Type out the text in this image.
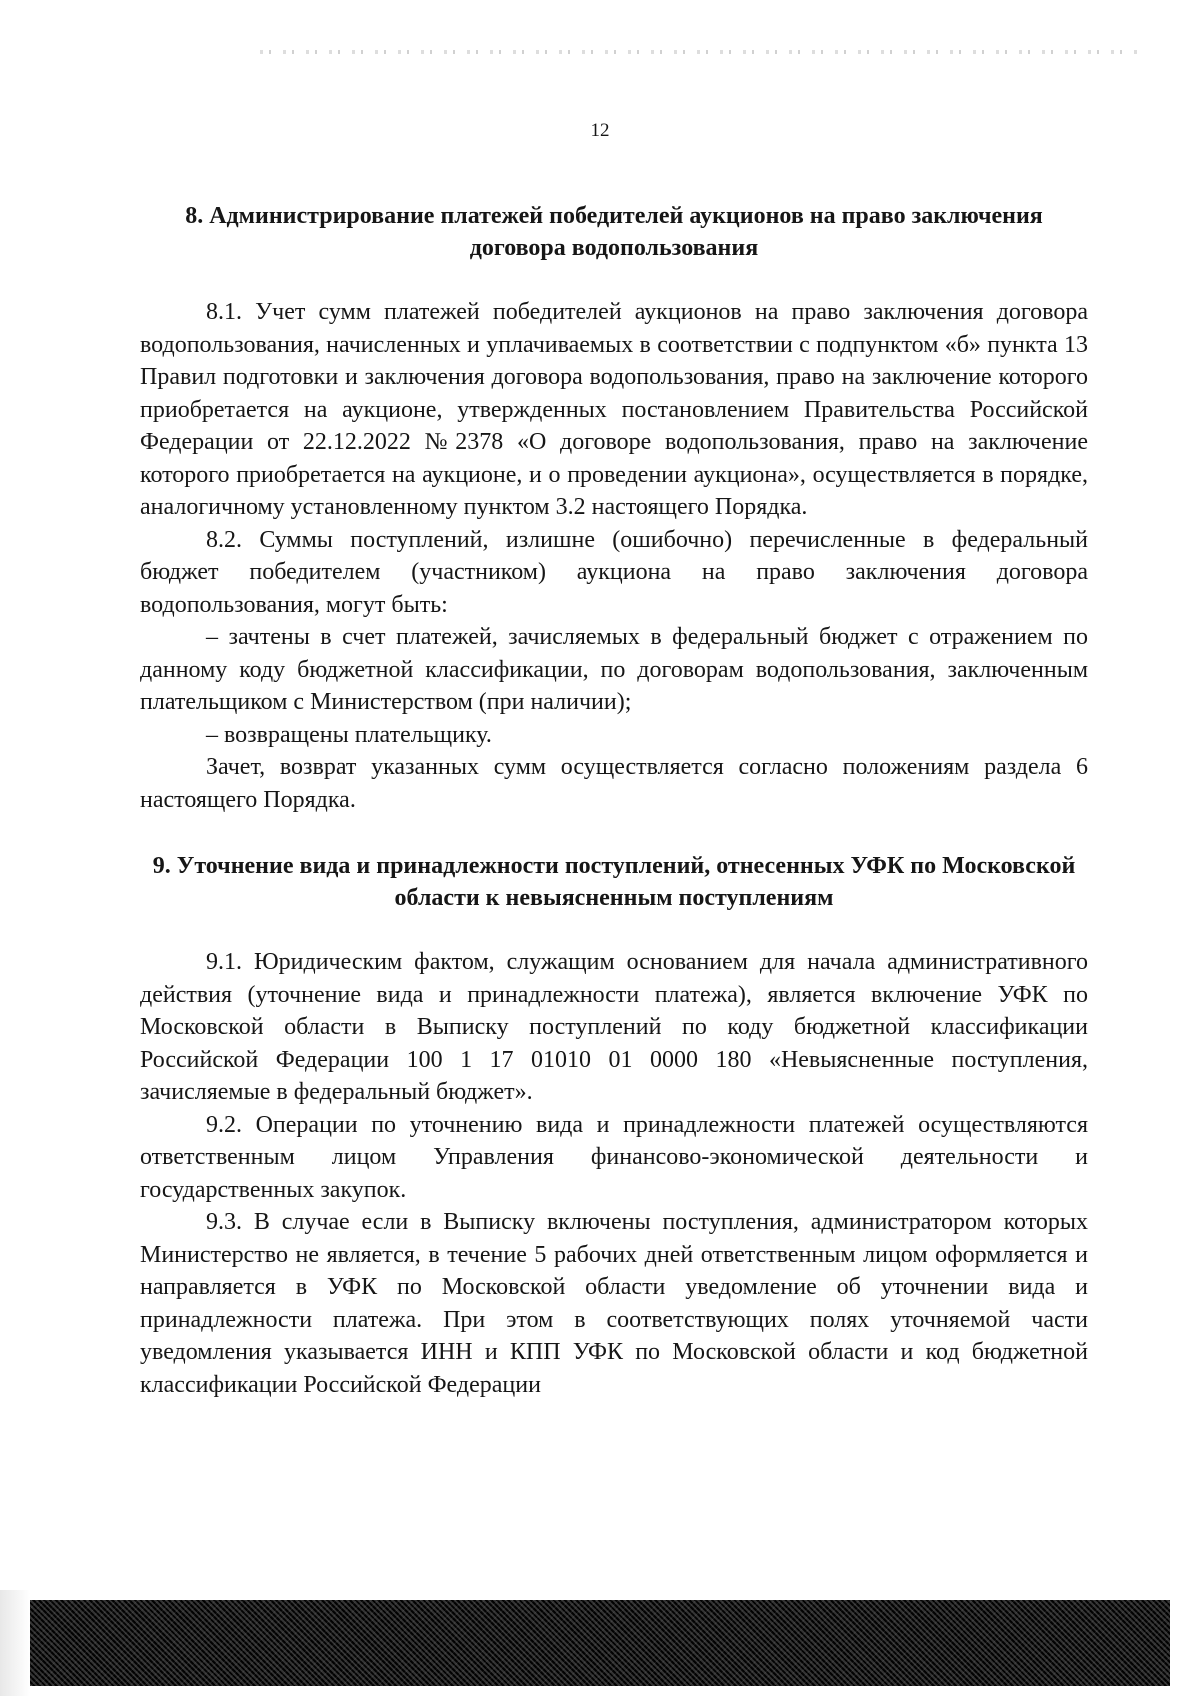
12
8. Администрирование платежей победителей аукционов на право заключения договора водопользования

8.1. Учет сумм платежей победителей аукционов на право заключения договора водопользования, начисленных и уплачиваемых в соответствии с подпунктом «б» пункта 13 Правил подготовки и заключения договора водопользования, право на заключение которого приобретается на аукционе, утвержденных постановлением Правительства Российской Федерации от 22.12.2022 №2378 «О договоре водопользования, право на заключение которого приобретается на аукционе, и о проведении аукциона», осуществляется в порядке, аналогичному установленному пунктом 3.2 настоящего Порядка.

8.2. Суммы поступлений, излишне (ошибочно) перечисленные в федеральный бюджет победителем (участником) аукциона на право заключения договора водопользования, могут быть:

– зачтены в счет платежей, зачисляемых в федеральный бюджет с отражением по данному коду бюджетной классификации, по договорам водопользования, заключенным плательщиком с Министерством (при наличии);

– возвращены плательщику.

Зачет, возврат указанных сумм осуществляется согласно положениям раздела 6 настоящего Порядка.

9. Уточнение вида и принадлежности поступлений, отнесенных УФК по Московской области к невыясненным поступлениям

9.1. Юридическим фактом, служащим основанием для начала административного действия (уточнение вида и принадлежности платежа), является включение УФК по Московской области в Выписку поступлений по коду бюджетной классификации Российской Федерации 100 1 17 01010 01 0000 180 «Невыясненные поступления, зачисляемые в федеральный бюджет».

9.2. Операции по уточнению вида и принадлежности платежей осуществляются ответственным лицом Управления финансово-экономической деятельности и государственных закупок.

9.3. В случае если в Выписку включены поступления, администратором которых Министерство не является, в течение 5 рабочих дней ответственным лицом оформляется и направляется в УФК по Московской области уведомление об уточнении вида и принадлежности платежа. При этом в соответствующих полях уточняемой части уведомления указывается ИНН и КПП УФК по Московской области и код бюджетной классификации Российской Федерации
